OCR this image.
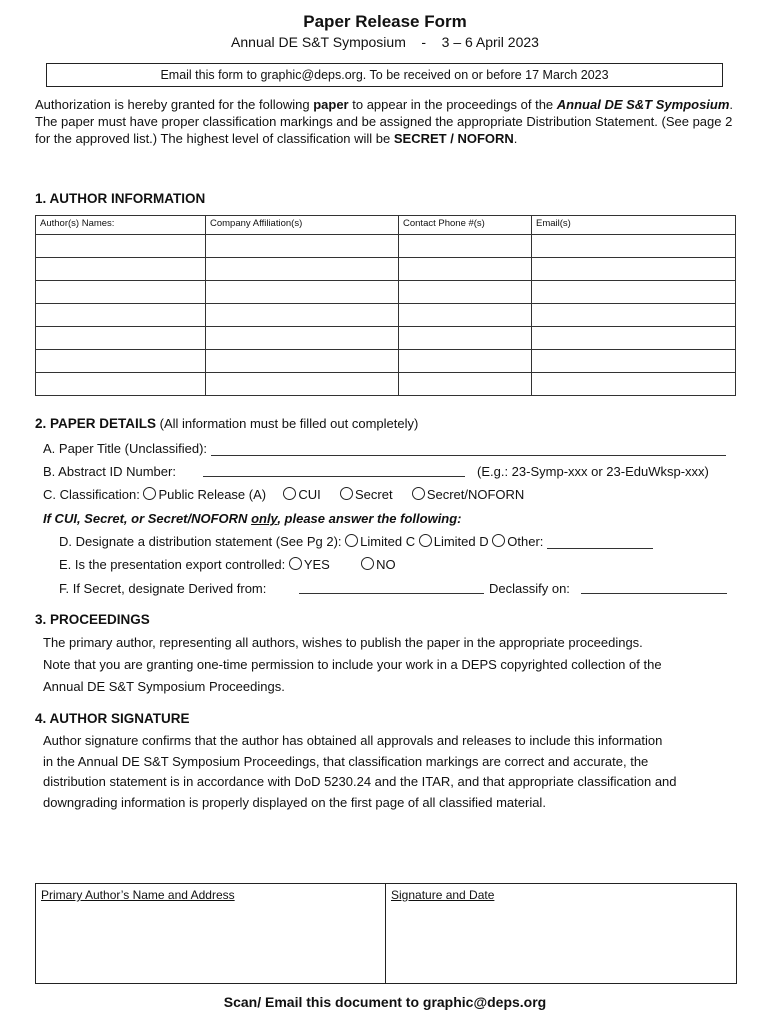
Paper Release Form
Annual DE S&T Symposium    -    3 – 6 April 2023
Email this form to graphic@deps.org. To be received on or before 17 March 2023
Authorization is hereby granted for the following paper to appear in the proceedings of the Annual DE S&T Symposium. The paper must have proper classification markings and be assigned the appropriate Distribution Statement. (See page 2 for the approved list.) The highest level of classification will be SECRET / NOFORN.
1. AUTHOR INFORMATION
Author(s) Names:	Company Affiliation(s)	Contact Phone #(s)	Email(s)

2. PAPER DETAILS (All information must be filled out completely)
A. Paper Title (Unclassified):
B. Abstract ID Number:	(E.g.: 23-Symp-xxx or 23-EduWksp-xxx)
C. Classification: Public Release (A) CUI	Secret	Secret/NOFORN
If CUI, Secret, or Secret/NOFORN only, please answer the following:
D. Designate a distribution statement (See Pg 2): Limited C Limited D Other:
E. Is the presentation export controlled: YES	NO
F. If Secret, designate Derived from:	Declassify on:
3. PROCEEDINGS
The primary author, representing all authors, wishes to publish the paper in the appropriate proceedings.
Note that you are granting one-time permission to include your work in a DEPS copyrighted collection of the
Annual DE S&T Symposium Proceedings.
4. AUTHOR SIGNATURE
Author signature confirms that the author has obtained all approvals and releases to include this information
in the Annual DE S&T Symposium Proceedings, that classification markings are correct and accurate, the
distribution statement is in accordance with DoD 5230.24 and the ITAR, and that appropriate classification and
downgrading information is properly displayed on the first page of all classified material.
Primary Author’s Name and Address	Signature and Date
Scan/ Email this document to graphic@deps.org
